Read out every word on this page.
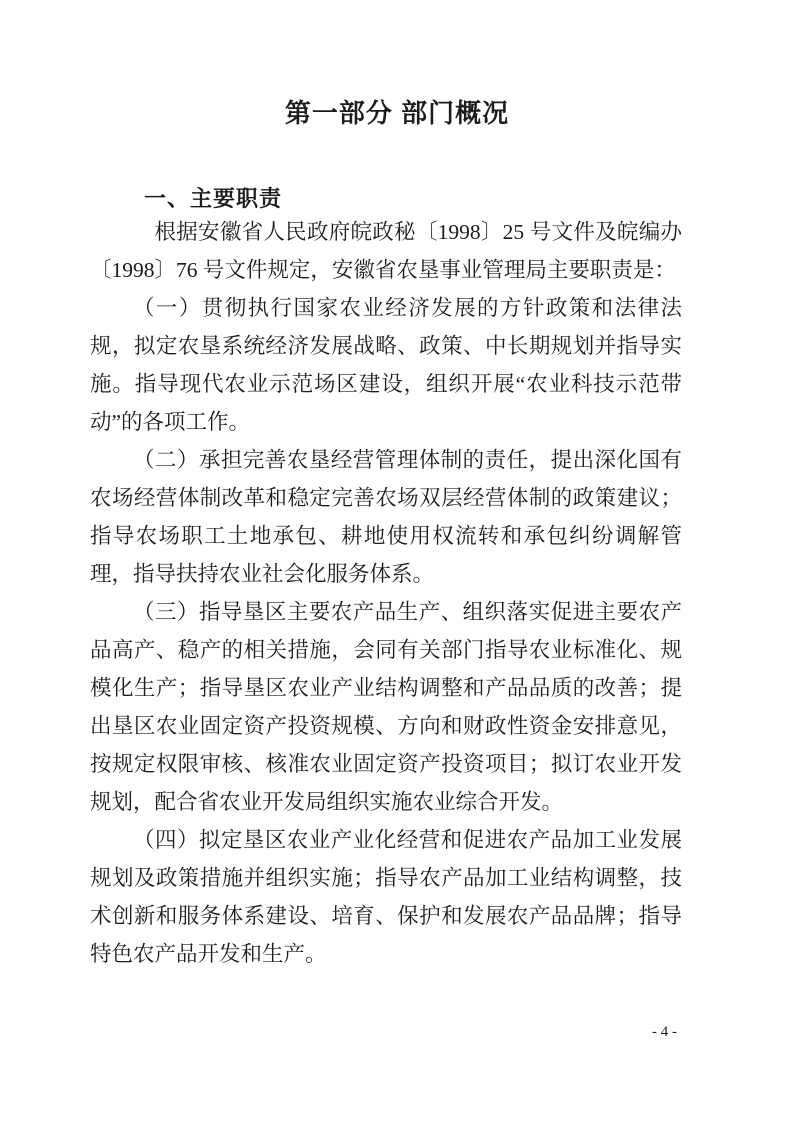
第一部分 部门概况
一、主要职责

根据安徽省人民政府皖政秘〔1998〕25 号文件及皖编办〔1998〕76 号文件规定，安徽省农垦事业管理局主要职责是：

（一）贯彻执行国家农业经济发展的方针政策和法律法规，拟定农垦系统经济发展战略、政策、中长期规划并指导实施。指导现代农业示范场区建设，组织开展“农业科技示范带动”的各项工作。

（二）承担完善农垦经营管理体制的责任，提出深化国有农场经营体制改革和稳定完善农场双层经营体制的政策建议；指导农场职工土地承包、耕地使用权流转和承包纠纷调解管理，指导扶持农业社会化服务体系。

（三）指导垦区主要农产品生产、组织落实促进主要农产品高产、稳产的相关措施，会同有关部门指导农业标准化、规模化生产；指导垦区农业产业结构调整和产品品质的改善；提出垦区农业固定资产投资规模、方向和财政性资金安排意见，按规定权限审核、核准农业固定资产投资项目；拟订农业开发规划，配合省农业开发局组织实施农业综合开发。

（四）拟定垦区农业产业化经营和促进农产品加工业发展规划及政策措施并组织实施；指导农产品加工业结构调整，技术创新和服务体系建设、培育、保护和发展农产品品牌；指导特色农产品开发和生产。

- 4 -
